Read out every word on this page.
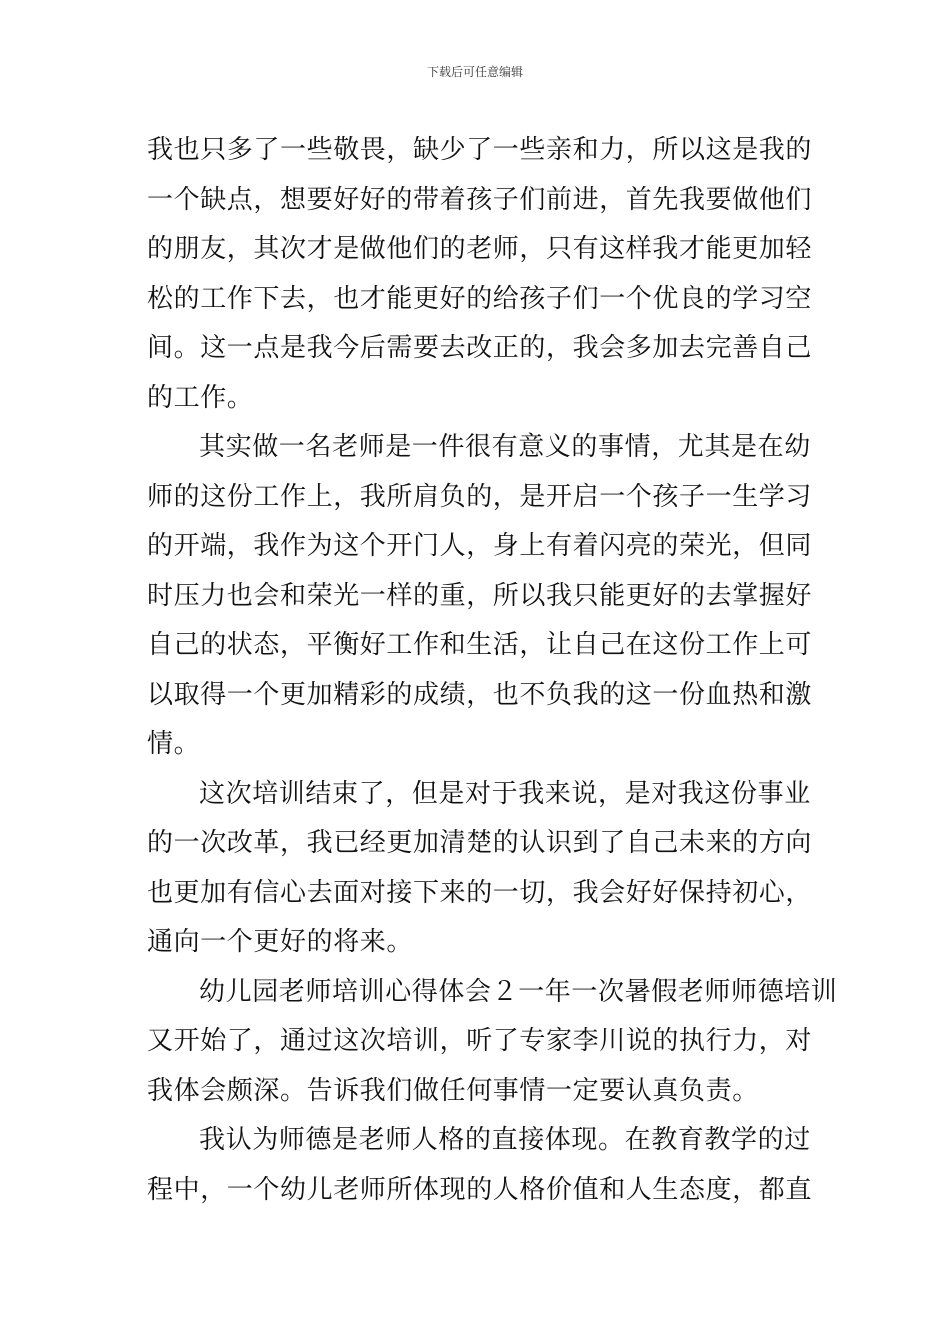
下载后可任意编辑
我也只多了一些敬畏，缺少了一些亲和力，所以这是我的
一个缺点，想要好好的带着孩子们前进，首先我要做他们
的朋友，其次才是做他们的老师，只有这样我才能更加轻
松的工作下去，也才能更好的给孩子们一个优良的学习空
间。这一点是我今后需要去改正的，我会多加去完善自己
的工作。
其实做一名老师是一件很有意义的事情，尤其是在幼
师的这份工作上，我所肩负的，是开启一个孩子一生学习
的开端，我作为这个开门人，身上有着闪亮的荣光，但同
时压力也会和荣光一样的重，所以我只能更好的去掌握好
自己的状态，平衡好工作和生活，让自己在这份工作上可
以取得一个更加精彩的成绩，也不负我的这一份血热和激
情。
这次培训结束了，但是对于我来说，是对我这份事业
的一次改革，我已经更加清楚的认识到了自己未来的方向
也更加有信心去面对接下来的一切，我会好好保持初心，
通向一个更好的将来。
幼儿园老师培训心得体会２一年一次暑假老师师德培训
又开始了，通过这次培训，听了专家李川说的执行力，对
我体会颇深。告诉我们做任何事情一定要认真负责。
我认为师德是老师人格的直接体现。在教育教学的过
程中，一个幼儿老师所体现的人格价值和人生态度，都直
